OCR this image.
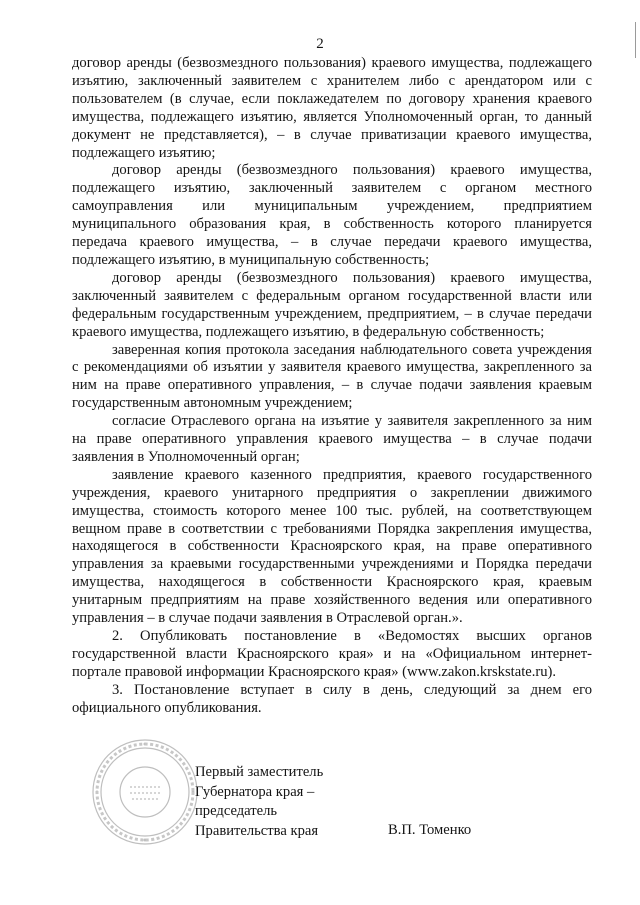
2

договор аренды (безвозмездного пользования) краевого имущества, подлежащего изъятию, заключенный заявителем с хранителем либо с арендатором или с пользователем (в случае, если поклажедателем по договору хранения краевого имущества, подлежащего изъятию, является Уполномоченный орган, то данный документ не представляется), – в случае приватизации краевого имущества, подлежащего изъятию;

договор аренды (безвозмездного пользования) краевого имущества, подлежащего изъятию, заключенный заявителем с органом местного самоуправления или муниципальным учреждением, предприятием муниципального образования края, в собственность которого планируется передача краевого имущества, – в случае передачи краевого имущества, подлежащего изъятию, в муниципальную собственность;

договор аренды (безвозмездного пользования) краевого имущества, заключенный заявителем с федеральным органом государственной власти или федеральным государственным учреждением, предприятием, – в случае передачи краевого имущества, подлежащего изъятию, в федеральную собственность;

заверенная копия протокола заседания наблюдательного совета учреждения с рекомендациями об изъятии у заявителя краевого имущества, закрепленного за ним на праве оперативного управления, – в случае подачи заявления краевым государственным автономным учреждением;

согласие Отраслевого органа на изъятие у заявителя закрепленного за ним на праве оперативного управления краевого имущества – в случае подачи заявления в Уполномоченный орган;

заявление краевого казенного предприятия, краевого государственного учреждения, краевого унитарного предприятия о закреплении движимого имущества, стоимость которого менее 100 тыс. рублей, на соответствующем вещном праве в соответствии с требованиями Порядка закрепления имущества, находящегося в собственности Красноярского края, на праве оперативного управления за краевыми государственными учреждениями и Порядка передачи имущества, находящегося в собственности Красноярского края, краевым унитарным предприятиям на праве хозяйственного ведения или оперативного управления – в случае подачи заявления в Отраслевой орган.».

2. Опубликовать постановление в «Ведомостях высших органов государственной власти Красноярского края» и на «Официальном интернет-портале правовой информации Красноярского края» (www.zakon.krskstate.ru).

3. Постановление вступает в силу в день, следующий за днем его официального опубликования.

Первый заместитель
Губернатора края –
председатель
Правительства края	В.П. Томенко
